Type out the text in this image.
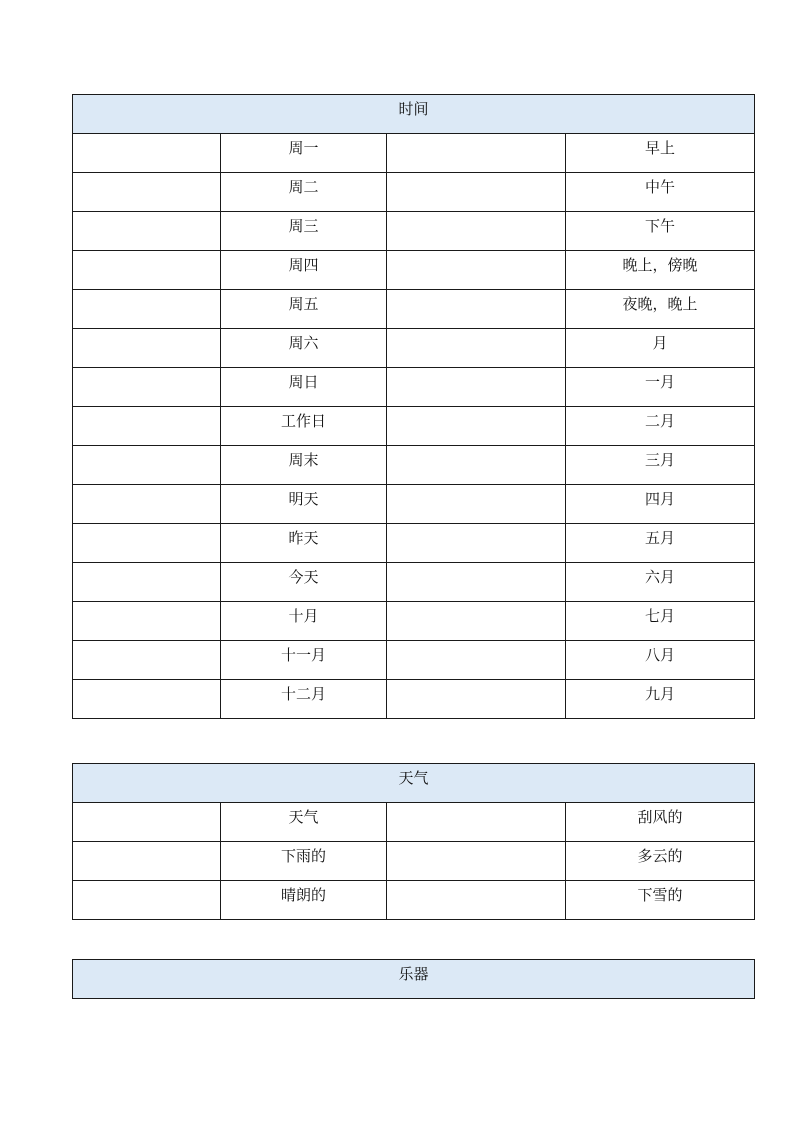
时间			
	周一		早上
	周二		中午
	周三		下午
	周四		晚上，傍晚
	周五		夜晚，晚上
	周六		月
	周日		一月
	工作日		二月
	周末		三月
	明天		四月
	昨天		五月
	今天		六月
	十月		七月
	十一月		八月
	十二月		九月
天气			
	天气		刮风的
	下雨的		多云的
	晴朗的		下雪的
乐器
